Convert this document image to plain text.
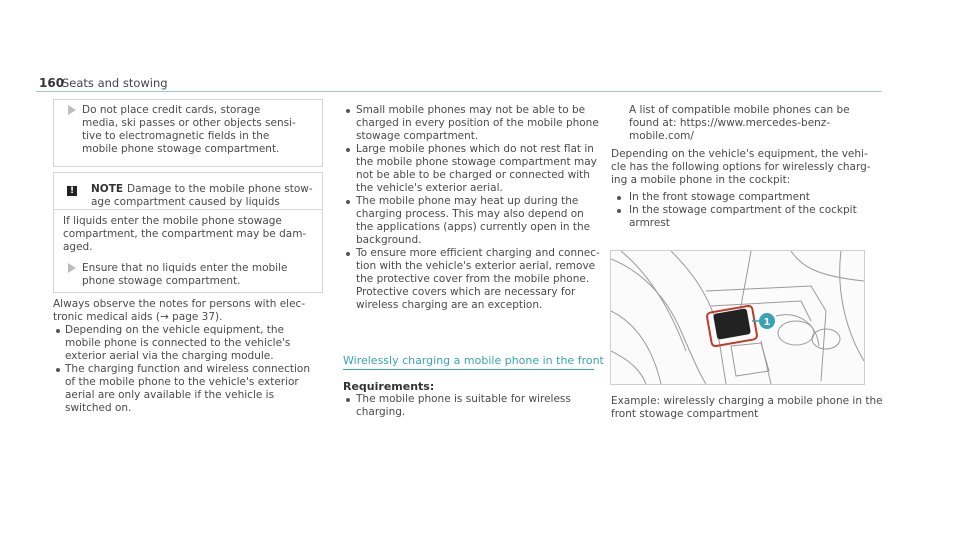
160
Seats and stowing
Do not place credit cards, storage
media, ski passes or other objects sensi-
tive to electromagnetic fields in the
mobile phone stowage compartment.
! NOTE Damage to the mobile phone stow-
age compartment caused by liquids
If liquids enter the mobile phone stowage
compartment, the compartment may be dam-
aged.
Ensure that no liquids enter the mobile
phone stowage compartment.
Always observe the notes for persons with elec-
tronic medical aids (→ page 37).
Depending on the vehicle equipment, the
mobile phone is connected to the vehicle's
exterior aerial via the charging module.
The charging function and wireless connection
of the mobile phone to the vehicle's exterior
aerial are only available if the vehicle is
switched on.
Small mobile phones may not be able to be
charged in every position of the mobile phone
stowage compartment.
Large mobile phones which do not rest flat in
the mobile phone stowage compartment may
not be able to be charged or connected with
the vehicle's exterior aerial.
The mobile phone may heat up during the
charging process. This may also depend on
the applications (apps) currently open in the
background.
To ensure more efficient charging and connec-
tion with the vehicle's exterior aerial, remove
the protective cover from the mobile phone.
Protective covers which are necessary for
wireless charging are an exception.
Wirelessly charging a mobile phone in the front
Requirements:
The mobile phone is suitable for wireless
charging.
A list of compatible mobile phones can be
found at: https://www.mercedes-benz-
mobile.com/
Depending on the vehicle's equipment, the vehi-
cle has the following options for wirelessly charg-
ing a mobile phone in the cockpit:
In the front stowage compartment
In the stowage compartment of the cockpit
armrest
1
Example: wirelessly charging a mobile phone in the
front stowage compartment
